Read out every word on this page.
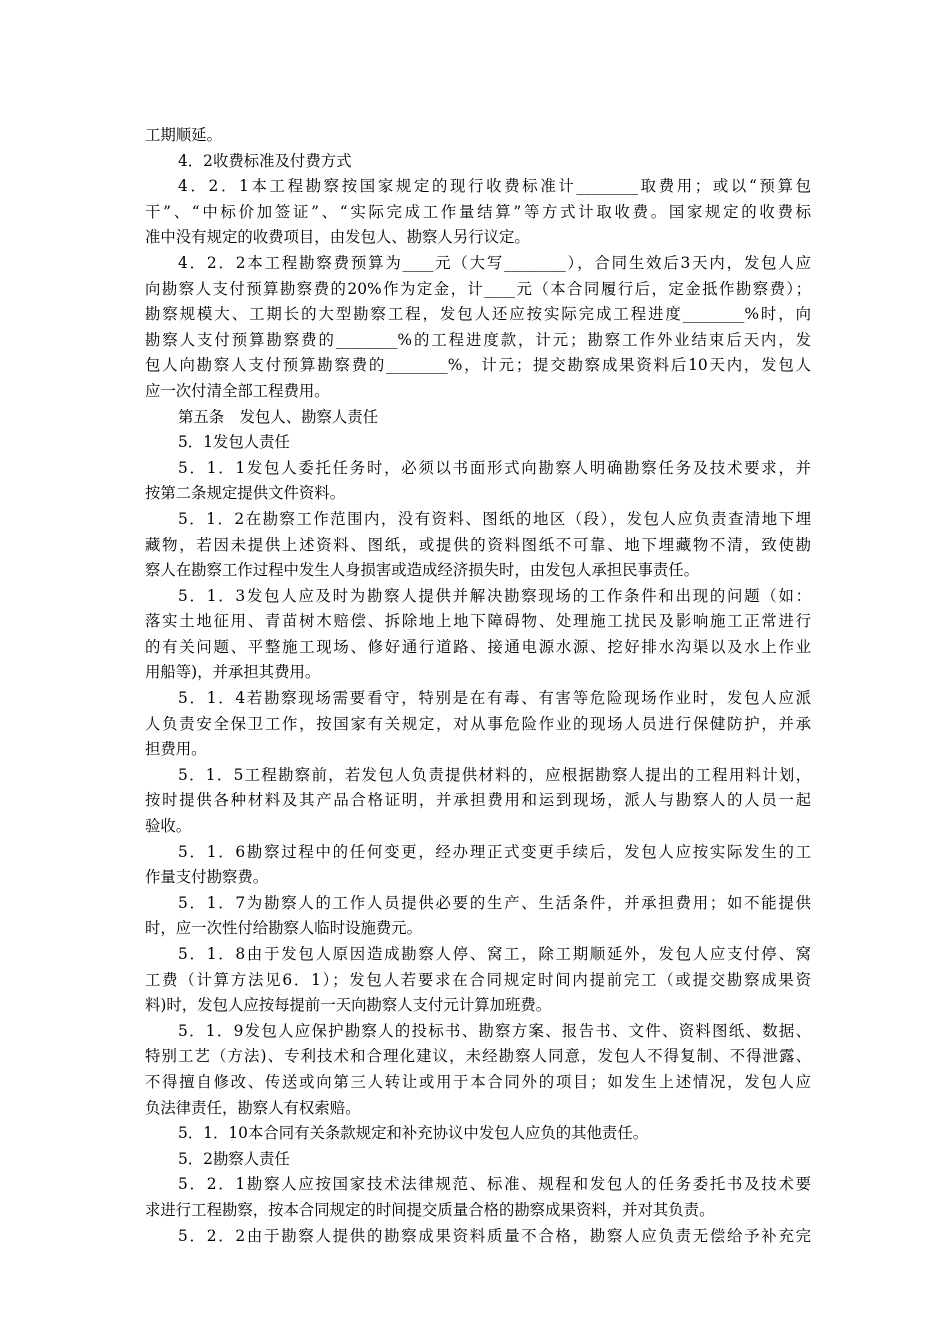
工期顺延。
4．2收费标准及付费方式
4．2．1本工程勘察按国家规定的现行收费标准计________取费用；或以“预算包
干”、“中标价加签证”、“实际完成工作量结算”等方式计取收费。国家规定的收费标
准中没有规定的收费项目，由发包人、勘察人另行议定。
4．2．2本工程勘察费预算为____元（大写________），合同生效后3天内，发包人应
向勘察人支付预算勘察费的20%作为定金，计____元（本合同履行后，定金抵作勘察费）；
勘察规模大、工期长的大型勘察工程，发包人还应按实际完成工程进度________%时，向
勘察人支付预算勘察费的________%的工程进度款，计元；勘察工作外业结束后天内，发
包人向勘察人支付预算勘察费的________%，计元；提交勘察成果资料后10天内，发包人
应一次付清全部工程费用。
第五条　发包人、勘察人责任
5．1发包人责任
5．1．1发包人委托任务时，必须以书面形式向勘察人明确勘察任务及技术要求，并
按第二条规定提供文件资料。
5．1．2在勘察工作范围内，没有资料、图纸的地区（段），发包人应负责查清地下埋
藏物，若因未提供上述资料、图纸，或提供的资料图纸不可靠、地下埋藏物不清，致使勘
察人在勘察工作过程中发生人身损害或造成经济损失时，由发包人承担民事责任。
5．1．3发包人应及时为勘察人提供并解决勘察现场的工作条件和出现的问题（如：
落实土地征用、青苗树木赔偿、拆除地上地下障碍物、处理施工扰民及影响施工正常进行
的有关问题、平整施工现场、修好通行道路、接通电源水源、挖好排水沟渠以及水上作业
用船等)，并承担其费用。
5．1．4若勘察现场需要看守，特别是在有毒、有害等危险现场作业时，发包人应派
人负责安全保卫工作，按国家有关规定，对从事危险作业的现场人员进行保健防护，并承
担费用。
5．1．5工程勘察前，若发包人负责提供材料的，应根据勘察人提出的工程用料计划，
按时提供各种材料及其产品合格证明，并承担费用和运到现场，派人与勘察人的人员一起
验收。
5．1．6勘察过程中的任何变更，经办理正式变更手续后，发包人应按实际发生的工
作量支付勘察费。
5．1．7为勘察人的工作人员提供必要的生产、生活条件，并承担费用；如不能提供
时，应一次性付给勘察人临时设施费元。
5．1．8由于发包人原因造成勘察人停、窝工，除工期顺延外，发包人应支付停、窝
工费（计算方法见6．1）；发包人若要求在合同规定时间内提前完工（或提交勘察成果资
料)时，发包人应按每提前一天向勘察人支付元计算加班费。
5．1．9发包人应保护勘察人的投标书、勘察方案、报告书、文件、资料图纸、数据、
特别工艺（方法)、专利技术和合理化建议，未经勘察人同意，发包人不得复制、不得泄露、
不得擅自修改、传送或向第三人转让或用于本合同外的项目；如发生上述情况，发包人应
负法律责任，勘察人有权索赔。
5．1．10本合同有关条款规定和补充协议中发包人应负的其他责任。
5．2勘察人责任
5．2．1勘察人应按国家技术法律规范、标准、规程和发包人的任务委托书及技术要
求进行工程勘察，按本合同规定的时间提交质量合格的勘察成果资料，并对其负责。
5．2．2由于勘察人提供的勘察成果资料质量不合格，勘察人应负责无偿给予补充完
